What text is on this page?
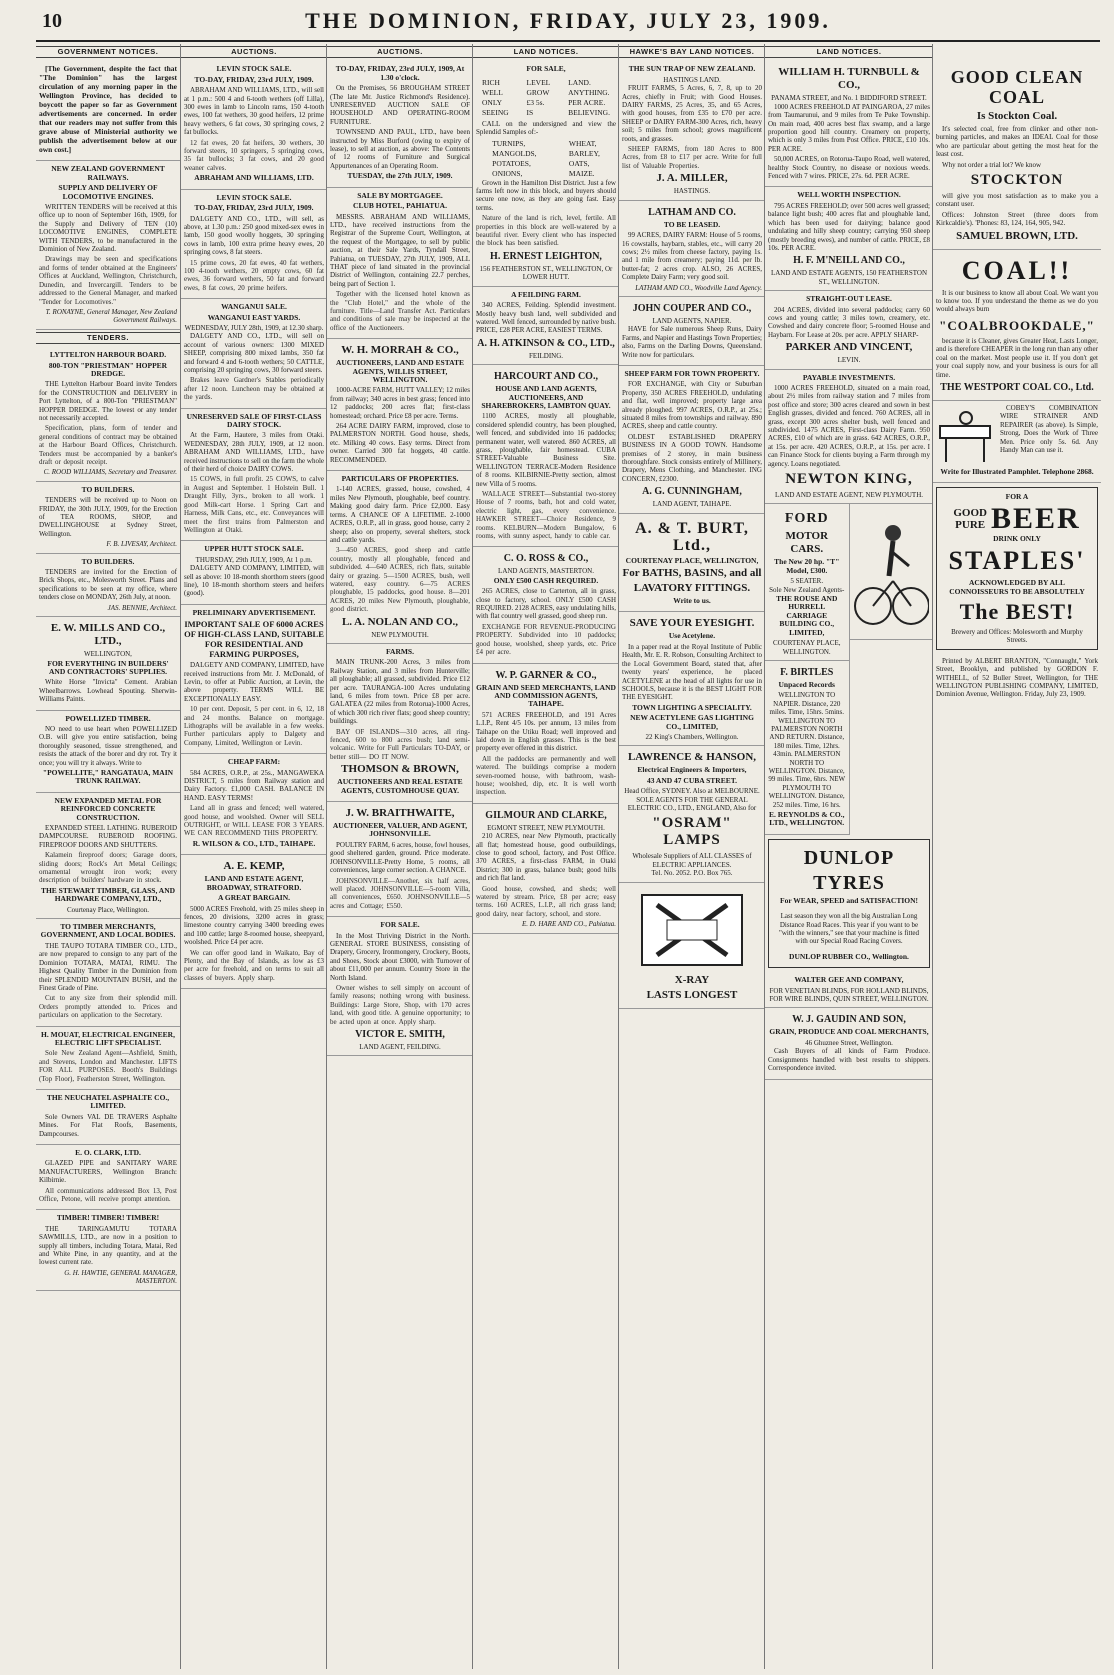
10	THE DOMINION, FRIDAY, JULY 23, 1909.
GOVERNMENT NOTICES.

[The Government, despite the fact that "The Dominion" has the largest circulation of any morning paper in the Wellington Province, has decided to boycott the paper so far as Government advertisements are concerned. In order that our readers may not suffer from this grave abuse of Ministerial authority we publish the advertisement below at our own cost.]

NEW ZEALAND GOVERNMENT RAILWAYS.
SUPPLY AND DELIVERY OF LOCOMOTIVE ENGINES.

WRITTEN TENDERS will be received at this office up to noon of September 16th, 1909, for the Supply and Delivery of TEN (10) LOCOMOTIVE ENGINES, COMPLETE WITH TENDERS, to be manufactured in the Dominion of New Zealand.

Drawings may be seen and specifications and forms of tender obtained at the Engineers' Offices at Auckland, Wellington, Christchurch, Dunedin, and Invercargill. Tenders to be addressed to the General Manager, and marked "Tender for Locomotives."

T. RONAYNE, General Manager, New Zealand Government Railways.
TENDERS.
LYTTELTON HARBOUR BOARD.
800-TON "PRIESTMAN" HOPPER DREDGE.

THE Lyttelton Harbour Board invite Tenders for the CONSTRUCTION and DELIVERY in Port Lyttelton, of a 800-Ton "PRIESTMAN" HOPPER DREDGE. The lowest or any tender not necessarily accepted.

Specification, plans, form of tender and general conditions of contract may be obtained at the Harbour Board Offices, Christchurch. Tenders must be accompanied by a banker's draft or deposit receipt.

C. ROOD WILLIAMS, Secretary and Treasurer.
TO BUILDERS.

TENDERS will be received up to Noon on FRIDAY, the 30th JULY, 1909, for the Erection of TEA ROOMS, SHOP, and DWELLINGHOUSE at Sydney Street, Wellington.

F. B. LIVESAY, Architect.
TO BUILDERS.

TENDERS are invited for the Erection of Brick Shops, etc., Molesworth Street. Plans and specifications to be seen at my office, where tenders close on MONDAY, 26th July, at noon.

JAS. BENNIE, Architect.
E. W. MILLS AND CO., LTD.,
WELLINGTON,
FOR EVERYTHING IN BUILDERS' AND CONTRACTORS' SUPPLIES.

White Horse "Invicta" Cement. Arabian Wheelbarrows. Lowhead Spouting. Sherwin-Williams Paints.

POWELLIZED TIMBER.

NO need to use heart when POWELLIZED O.B. will give you entire satisfaction, being thoroughly seasoned, tissue strengthened, and resists the attack of the borer and dry rot. Try it once; you will try it always. Write to

"POWELLITE," RANGATAUA, MAIN TRUNK RAILWAY.
NEW EXPANDED METAL FOR REINFORCED CONCRETE CONSTRUCTION.

EXPANDED STEEL LATHING. RUBEROID DAMPCOURSE. RUBEROID ROOFING. FIREPROOF DOORS AND SHUTTERS.

Kalamein fireproof doors; Garage doors, sliding doors; Rock's Art Metal Ceilings; ornamental wrought iron work; every description of builders' hardware in stock.

THE STEWART TIMBER, GLASS, AND HARDWARE COMPANY, LTD.,
Courtenay Place, Wellington.
TO TIMBER MERCHANTS, GOVERNMENT, AND LOCAL BODIES.

THE TAUPO TOTARA TIMBER CO., LTD., are now prepared to consign to any part of the Dominion TOTARA, MATAI, RIMU. The Highest Quality Timber in the Dominion from their SPLENDID MOUNTAIN BUSH, and the Finest Grade of Pine.

Cut to any size from their splendid mill. Orders promptly attended to. Prices and particulars on application to the Secretary.

H. MOUAT, ELECTRICAL ENGINEER, ELECTRIC LIFT SPECIALIST.

Sole New Zealand Agent—Ashfield, Smith, and Stevens, London and Manchester. LIFTS FOR ALL PURPOSES. Booth's Buildings (Top Floor), Featherston Street, Wellington.

THE NEUCHATEL ASPHALTE CO., LIMITED.

Sole Owners VAL DE TRAVERS Asphalte Mines. For Flat Roofs, Basements, Dampcourses.

E. O. CLARK, LTD.

GLAZED PIPE and SANITARY WARE MANUFACTURERS, Wellington Branch: Kilbirnie.

All communications addressed Box 13, Post Office, Petone, will receive prompt attention.

TIMBER! TIMBER! TIMBER!

THE TARINGAMUTU TOTARA SAWMILLS, LTD., are now in a position to supply all timbers, including Totara, Matai, Red and White Pine, in any quantity, and at the lowest current rate.

G. H. HAWTIE, GENERAL MANAGER, MASTERTON.
AUCTIONS.
LEVIN STOCK SALE.
TO-DAY, FRIDAY, 23rd JULY, 1909.

ABRAHAM AND WILLIAMS, LTD., will sell at 1 p.m.: 500 4 and 6-tooth wethers (off Lilla), 300 ewes in lamb to Lincoln rams, 150 4-tooth ewes, 100 fat wethers, 30 good heifers, 12 prime heavy wethers, 6 fat cows, 30 springing cows, 2 fat bullocks.

12 fat ewes, 20 fat heifers, 30 wethers, 30 forward steers, 10 springers, 5 springing cows, 35 fat bullocks; 3 fat cows, and 20 good weaner calves.

ABRAHAM AND WILLIAMS, LTD.
LEVIN STOCK SALE.
TO-DAY, FRIDAY, 23rd JULY, 1909.

DALGETY AND CO., LTD., will sell, as above, at 1.30 p.m.: 250 good mixed-sex ewes in lamb, 150 good woolly hoggets, 30 springing cows in lamb, 100 extra prime heavy ewes, 20 springing cows, 8 fat steers.

15 prime cows, 20 fat ewes, 40 fat wethers, 100 4-tooth wethers, 20 empty cows, 60 fat ewes, 36 forward wethers, 50 fat and forward ewes, 8 fat cows, 20 prime heifers.

WANGANUI SALE.
WANGANUI EAST YARDS.
WEDNESDAY, JULY 28th, 1909, at 12.30 sharp.

DALGETY AND CO., LTD., will sell on account of various owners: 1300 MIXED SHEEP, comprising 800 mixed lambs, 350 fat and forward 4 and 6-tooth wethers; 50 CATTLE, comprising 20 springing cows, 30 forward steers.

Brakes leave Gardner's Stables periodically after 12 noon. Luncheon may be obtained at the yards.

UNRESERVED SALE OF FIRST-CLASS DAIRY STOCK.

At the Farm, Hautere, 3 miles from Otaki. WEDNESDAY, 28th JULY, 1909, at 12 noon. ABRAHAM AND WILLIAMS, LTD., have received instructions to sell on the farm the whole of their herd of choice DAIRY COWS.

15 COWS, in full profit. 25 COWS, to calve in August and September. 1 Holstein Bull. 1 Draught Filly, 3yrs., broken to all work. 1 good Milk-cart Horse. 1 Spring Cart and Harness, Milk Cans, etc., etc. Conveyances will meet the first trains from Palmerston and Wellington at Otaki.

UPPER HUTT STOCK SALE.
THURSDAY, 29th JULY, 1909, At 1 p.m.

DALGETY AND COMPANY, LIMITED, will sell as above: 10 18-month shorthorn steers (good line), 10 18-month shorthorn steers and heifers (good).

PRELIMINARY ADVERTISEMENT.
IMPORTANT SALE OF 6000 ACRES OF HIGH-CLASS LAND, SUITABLE FOR RESIDENTIAL AND FARMING PURPOSES,

DALGETY AND COMPANY, LIMITED, have received instructions from Mr. J. McDonald, of Levin, to offer at Public Auction, at Levin, the above property. TERMS WILL BE EXCEPTIONALLY EASY.

10 per cent. Deposit, 5 per cent. in 6, 12, 18 and 24 months. Balance on mortgage. Lithographs will be available in a few weeks. Further particulars apply to Dalgety and Company, Limited, Wellington or Levin.

CHEAP FARM:

584 ACRES, O.R.P., at 25s., MANGAWEKA DISTRICT, 5 miles from Railway station and Dairy Factory. £1,000 CASH. BALANCE IN HAND. EASY TERMS!

Land all in grass and fenced; well watered, good house, and woolshed. Owner will SELL OUTRIGHT, or WILL LEASE FOR 3 YEARS. WE CAN RECOMMEND THIS PROPERTY.

R. WILSON & CO., LTD., TAIHAPE.
A. E. KEMP,
LAND AND ESTATE AGENT, BROADWAY, STRATFORD.
A GREAT BARGAIN.

5000 ACRES Freehold, with 25 miles sheep in fences, 20 divisions, 3200 acres in grass; limestone country carrying 3400 breeding ewes and 100 cattle; large 8-roomed house, sheepyard, woolshed. Price £4 per acre.

We can offer good land in Waikato, Bay of Plenty, and the Bay of Islands, as low as £3 per acre for freehold, and on terms to suit all classes of buyers. Apply sharp.

AUCTIONS.
TO-DAY, FRIDAY, 23rd JULY, 1909, At 1.30 o'clock.

On the Premises, 56 BROUGHAM STREET (The late Mr. Justice Richmond's Residence). UNRESERVED AUCTION SALE OF HOUSEHOLD AND OPERATING-ROOM FURNITURE.

TOWNSEND AND PAUL, LTD., have been instructed by Miss Burford (owing to expiry of lease), to sell at auction, as above: The Contents of 12 rooms of Furniture and Surgical Appurtenances of an Operating Room.

TUESDAY, the 27th JULY, 1909.
SALE BY MORTGAGEE.
CLUB HOTEL, PAHIATUA.

MESSRS. ABRAHAM AND WILLIAMS, LTD., have received instructions from the Registrar of the Supreme Court, Wellington, at the request of the Mortgagee, to sell by public auction, at their Sale Yards, Tyndall Street, Pahiatua, on TUESDAY, 27th JULY, 1909, ALL THAT piece of land situated in the provincial District of Wellington, containing 22.7 perches, being part of Section 1.

Together with the licensed hotel known as the "Club Hotel," and the whole of the furniture. Title—Land Transfer Act. Particulars and conditions of sale may be inspected at the office of the Auctioneers.

W. H. MORRAH & CO.,
AUCTIONEERS, LAND AND ESTATE AGENTS, WILLIS STREET, WELLINGTON.

1000-ACRE FARM, HUTT VALLEY; 12 miles from railway; 340 acres in best grass; fenced into 12 paddocks; 200 acres flat; first-class homestead; orchard. Price £8 per acre. Terms.

264 ACRE DAIRY FARM, improved, close to PALMERSTON NORTH. Good house, sheds, etc. Milking 40 cows. Easy terms. Direct from owner. Carried 300 fat hoggets, 40 cattle. RECOMMENDED.

PARTICULARS OF PROPERTIES.

1-140 ACRES, grassed, house, cowshed, 4 miles New Plymouth, ploughable, beef country. Making good dairy farm. Price £2,000. Easy terms. A CHANCE OF A LIFETIME. 2-1000 ACRES, O.R.P., all in grass, good house, carry 2 sheep; also on property, several shelters, stock and cattle yards.

3—450 ACRES, good sheep and cattle country, mostly all ploughable, fenced and subdivided. 4—640 ACRES, rich flats, suitable dairy or grazing. 5—1500 ACRES, bush, well watered, easy country. 6—75 ACRES ploughable, 15 paddocks, good house. 8—201 ACRES, 20 miles New Plymouth, ploughable, good district.

L. A. NOLAN AND CO.,
NEW PLYMOUTH.
FARMS.

MAIN TRUNK-200 Acres, 3 miles from Railway Station, and 3 miles from Hunterville; all ploughable; all grassed, subdivided. Price £12 per acre. TAURANGA-100 Acres undulating land, 6 miles from town. Price £8 per acre. GALATEA (22 miles from Rotorua)-1000 Acres, of which 300 rich river flats; good sheep country; buildings.

BAY OF ISLANDS—310 acres, all ring-fenced, 600 to 800 acres bush; land semi-volcanic. Write for Full Particulars TO-DAY, or better still— DO IT NOW.

THOMSON & BROWN,
AUCTIONEERS AND REAL ESTATE AGENTS, CUSTOMHOUSE QUAY.
J. W. BRAITHWAITE,
AUCTIONEER, VALUER, AND AGENT, JOHNSONVILLE.

POULTRY FARM, 6 acres, house, fowl houses, good sheltered garden, ground. Price moderate. JOHNSONVILLE-Pretty Home, 5 rooms, all conveniences, large corner section. A CHANCE.

JOHNSONVILLE—Another, six half acres, well placed. JOHNSONVILLE—5-room Villa, all conveniences, £650. JOHNSONVILLE—5 acres and Cottage; £550.

FOR SALE.

In the Most Thriving District in the North. GENERAL STORE BUSINESS, consisting of Drapery, Grocery, Ironmongery, Crockery, Boots, and Shoes, Stock about £3000, with Turnover of about £11,000 per annum. Country Store in the North Island.

Owner wishes to sell simply on account of family reasons; nothing wrong with business. Buildings: Large Store, Shop, with 170 acres land, with good title. A genuine opportunity; to be acted upon at once. Apply sharp.

VICTOR E. SMITH,
LAND AGENT, FEILDING.
LAND NOTICES.
FOR SALE,
RICH
WELL
ONLY
SEEING
LEVEL
GROW
£3 5s.
IS
LAND.
ANYTHING.
PER ACRE.
BELIEVING.

CALL on the undersigned and view the Splendid Samples of:-

TURNIPS,
MANGOLDS,
POTATOES,
ONIONS,
WHEAT,
BARLEY,
OATS,
MAIZE.

Grown in the Hamilton Dist District. Just a few farms left now in this block, and buyers should secure one now, as they are going fast. Easy terms.

Nature of the land is rich, level, fertile. All properties in this block are well-watered by a beautiful river. Every client who has inspected the block has been satisfied.

H. ERNEST LEIGHTON,
156 FEATHERSTON ST., WELLINGTON, Or LOWER HUTT.
A FEILDING FARM.

340 ACRES, Feilding. Splendid investment. Mostly heavy bush land, well subdivided and watered. Well fenced, surrounded by native bush. PRICE, £28 PER ACRE, EASIEST TERMS.

A. H. ATKINSON & CO., LTD.,
FEILDING.
HARCOURT AND CO.,
HOUSE AND LAND AGENTS, AUCTIONEERS, AND SHAREBROKERS, LAMBTON QUAY.

1100 ACRES, mostly all ploughable, considered splendid country, has been ploughed, well fenced, and subdivided into 16 paddocks; permanent water, well watered. 860 ACRES, all grass, ploughable, fair homestead. CUBA STREET-Valuable Business Site. WELLINGTON TERRACE-Modern Residence of 8 rooms. KILBIRNIE-Pretty section, almost new Villa of 5 rooms.

WALLACE STREET—Substantial two-storey House of 7 rooms, bath, hot and cold water, electric light, gas, every convenience. HAWKER STREET—Choice Residence, 9 rooms. KELBURN—Modern Bungalow, 6 rooms, with sunny aspect, handy to cable car.

C. O. ROSS & CO.,
LAND AGENTS, MASTERTON.
ONLY £500 CASH REQUIRED.

265 ACRES, close to Carterton, all in grass, close to factory, school. ONLY £500 CASH REQUIRED. 2128 ACRES, easy undulating hills, with flat country well grassed, good sheep run.

EXCHANGE FOR REVENUE-PRODUCING PROPERTY. Subdivided into 10 paddocks; good house, woolshed, sheep yards, etc. Price £4 per acre.

W. P. GARNER & CO.,
GRAIN AND SEED MERCHANTS, LAND AND COMMISSION AGENTS, TAIHAPE.

571 ACRES FREEHOLD, and 191 Acres L.I.P., Rent 4/5 10s. per annum, 13 miles from Taihape on the Utiku Road; well improved and laid down in English grasses. This is the best property ever offered in this district.

All the paddocks are permanently and well watered. The buildings comprise a modern seven-roomed house, with bathroom, wash-house; woolshed, dip, etc. It is well worth inspection.

GILMOUR AND CLARKE,
EGMONT STREET, NEW PLYMOUTH.

210 ACRES, near New Plymouth, practically all flat; homestead house, good outbuildings, close to good school, factory, and Post Office. 370 ACRES, a first-class FARM, in Otaki District; 300 in grass, balance bush; good hills and rich flat land.

Good house, cowshed, and sheds; well watered by stream. Price, £8 per acre; easy terms. 160 ACRES, L.I.P., all rich grass land; good dairy, near factory, school, and store.

E. D. HARE AND CO., Pahiatua.
HAWKE'S BAY LAND NOTICES.
THE SUN TRAP OF NEW ZEALAND.
HASTINGS LAND.

FRUIT FARMS, 5 Acres, 6, 7, 8, up to 20 Acres, chiefly in Fruit; with Good Houses. DAIRY FARMS, 25 Acres, 35, and 65 Acres, with good houses, from £35 to £70 per acre. SHEEP or DAIRY FARM-300 Acres, rich, heavy soil; 5 miles from school; grows magnificent roots, and grasses.

SHEEP FARMS, from 180 Acres to 800 Acres, from £8 to £17 per acre. Write for full list of Valuable Properties.

J. A. MILLER,
HASTINGS.
LATHAM AND CO.
TO BE LEASED.

99 ACRES, DAIRY FARM: House of 5 rooms, 16 cowstalls, haybarn, stables, etc., will carry 20 cows; 2½ miles from cheese factory, paying 1s. and 1 mile from creamery; paying 11d. per lb. butter-fat; 2 acres crop. ALSO, 26 ACRES, Complete Dairy Farm; very good soil.

LATHAM AND CO., Woodville Land Agency.
JOHN COUPER AND CO.,
LAND AGENTS, NAPIER.

HAVE for Sale numerous Sheep Runs, Dairy Farms, and Napier and Hastings Town Properties; also, Farms on the Darling Downs, Queensland. Write now for particulars.

SHEEP FARM FOR TOWN PROPERTY.

FOR EXCHANGE, with City or Suburban Property, 350 ACRES FREEHOLD, undulating and flat, well improved; property large area already ploughed. 997 ACRES, O.R.P., at 25s.; situated 8 miles from townships and railway. 890 ACRES, sheep and cattle country.

OLDEST ESTABLISHED DRAPERY BUSINESS IN A GOOD TOWN. Handsome premises of 2 storey, in main business thoroughfare. Stock consists entirely of Millinery, Drapery, Mens Clothing, and Manchester. ING CONCERN, £2300.

A. G. CUNNINGHAM,
LAND AGENT, TAIHAPE.
A. & T. BURT, Ltd.,
COURTENAY PLACE, WELLINGTON,
For BATHS, BASINS, and all
LAVATORY FITTINGS.
Write to us.
SAVE YOUR EYESIGHT.
Use Acetylene.

In a paper read at the Royal Institute of Public Health, Mr. E. R. Robson, Consulting Architect to the Local Government Board, stated that, after twenty years' experience, he placed ACETYLENE at the head of all lights for use in SCHOOLS, because it is the BEST LIGHT FOR THE EYESIGHT.

TOWN LIGHTING A SPECIALITY.
NEW ACETYLENE GAS LIGHTING CO., LIMITED,
22 King's Chambers, Wellington.
LAWRENCE & HANSON,
Electrical Engineers & Importers,
43 AND 47 CUBA STREET.
Head Office, SYDNEY. Also at MELBOURNE.
SOLE AGENTS FOR THE GENERAL ELECTRIC CO., LTD., ENGLAND, Also for
"OSRAM" LAMPS
Wholesale Suppliers of ALL CLASSES of ELECTRIC APPLIANCES.
Tel. No. 2052. P.O. Box 765.
X-RAY
LASTS LONGEST
LAND NOTICES.
WILLIAM H. TURNBULL & CO.,
PANAMA STREET, and No. 1 BIDDIFORD STREET.

1000 ACRES FREEHOLD AT PAINGAROA, 27 miles from Taumarunui, and 9 miles from Te Puke Township. On main road, 400 acres best flax swamp, and a large proportion good hill country. Creamery on property, which is only 3 miles from Post Office. PRICE, £10 10s. PER ACRE.

50,000 ACRES, on Rotorua-Taupo Road, well watered, healthy Stock Country, no disease or noxious weeds. Fenced with 7 wires. PRICE, 27s. 6d. PER ACRE.

WELL WORTH INSPECTION.

795 ACRES FREEHOLD; over 500 acres well grassed; balance light bush; 400 acres flat and ploughable land, which has been used for dairying; balance good undulating and hilly sheep country; carrying 950 sheep (mostly breeding ewes), and number of cattle. PRICE, £8 10s. PER ACRE.

H. F. M'NEILL AND CO.,
LAND AND ESTATE AGENTS, 150 FEATHERSTON ST., WELLINGTON.
STRAIGHT-OUT LEASE.

204 ACRES, divided into several paddocks; carry 60 cows and young cattle; 3 miles town, creamery, etc. Cowshed and dairy concrete floor; 5-roomed House and Haybarn. For Lease at 20s. per acre. APPLY SHARP-

PARKER AND VINCENT,
LEVIN.
PAYABLE INVESTMENTS.

1000 ACRES FREEHOLD, situated on a main road, about 2½ miles from railway station and 7 miles from post office and store; 300 acres cleared and sown in best English grasses, divided and fenced. 760 ACRES, all in grass, except 300 acres shelter bush, well fenced and subdivided. 1475 ACRES, First-class Dairy Farm. 950 ACRES, £10 of which are in grass. 642 ACRES, O.R.P., at 15s. per acre. 420 ACRES, O.R.P., at 15s. per acre. I can Finance Stock for clients buying a Farm through my agency. Loans negotiated.

NEWTON KING,
LAND AND ESTATE AGENT, NEW PLYMOUTH.
FORD
MOTOR CARS.
The New 20 hp. "T" Model, £300.
5 SEATER.
Sole New Zealand Agents-
THE ROUSE AND HURRELL CARRIAGE BUILDING CO., LIMITED,
COURTENAY PLACE, WELLINGTON.
F. BIRTLES
Unpaced Records

WELLINGTON TO NAPIER. Distance, 220 miles. Time, 15hrs. 5mins. WELLINGTON TO PALMERSTON NORTH AND RETURN. Distance, 180 miles. Time, 12hrs. 43min. PALMERSTON NORTH TO WELLINGTON. Distance, 99 miles. Time, 6hrs. NEW PLYMOUTH TO WELLINGTON. Distance, 252 miles. Time, 16 hrs.

E. REYNOLDS & CO., LTD., WELLINGTON.
DUNLOP
TYRES
For WEAR, SPEED and SATISFACTION!

Last season they won all the big Australian Long Distance Road Races. This year if you want to be "with the winners," see that your machine is fitted with our Special Road Racing Covers.

DUNLOP RUBBER CO., Wellington.
WALTER GEE AND COMPANY,
FOR VENETIAN BLINDS, FOR HOLLAND BLINDS, FOR WIRE BLINDS, QUIN STREET, WELLINGTON.
W. J. GAUDIN AND SON,
GRAIN, PRODUCE AND COAL MERCHANTS,
46 Ghuznee Street, Wellington.

Cash Buyers of all kinds of Farm Produce. Consignments handled with best results to shippers. Correspondence invited.

GOOD CLEAN COAL
Is Stockton Coal.

It's selected coal, free from clinker and other non-burning particles, and makes an IDEAL Coal for those who are particular about getting the most heat for the least cost.

Why not order a trial lot? We know

STOCKTON

will give you most satisfaction as to make you a constant user.

Offices: Johnston Street (three doors from Kirkcaldie's). 'Phones: 83, 124, 164, 905, 942.

SAMUEL BROWN, LTD.
COAL!!

It is our business to know all about Coal. We want you to know too. If you understand the theme as we do you would always burn

"COALBROOKDALE,"

because it is Cleaner, gives Greater Heat, Lasts Longer, and is therefore CHEAPER in the long run than any other coal on the market. Most people use it. If you don't get your coal supply now, and your business is ours for all time.

THE WESTPORT COAL CO., Ltd.

COBEY'S COMBINATION WIRE STRAINER AND REPAIRER (as above). Is Simple, Strong, Does the Work of Three Men. Price only 5s. 6d. Any Handy Man can use it.

Write for Illustrated Pamphlet. Telephone 2868.
FOR A
GOOD
PURE BEER
DRINK ONLY
STAPLES'
ACKNOWLEDGED BY ALL CONNOISSEURS TO BE ABSOLUTELY
The BEST!
Brewery and Offices: Molesworth and Murphy Streets.

Printed by ALBERT BRANTON, "Connaught," York Street, Brooklyn, and published by GORDON F. WITHELL, of 52 Buller Street, Wellington, for THE WELLINGTON PUBLISHING COMPANY, LIMITED, Dominion Avenue, Wellington. Friday, July 23, 1909.
